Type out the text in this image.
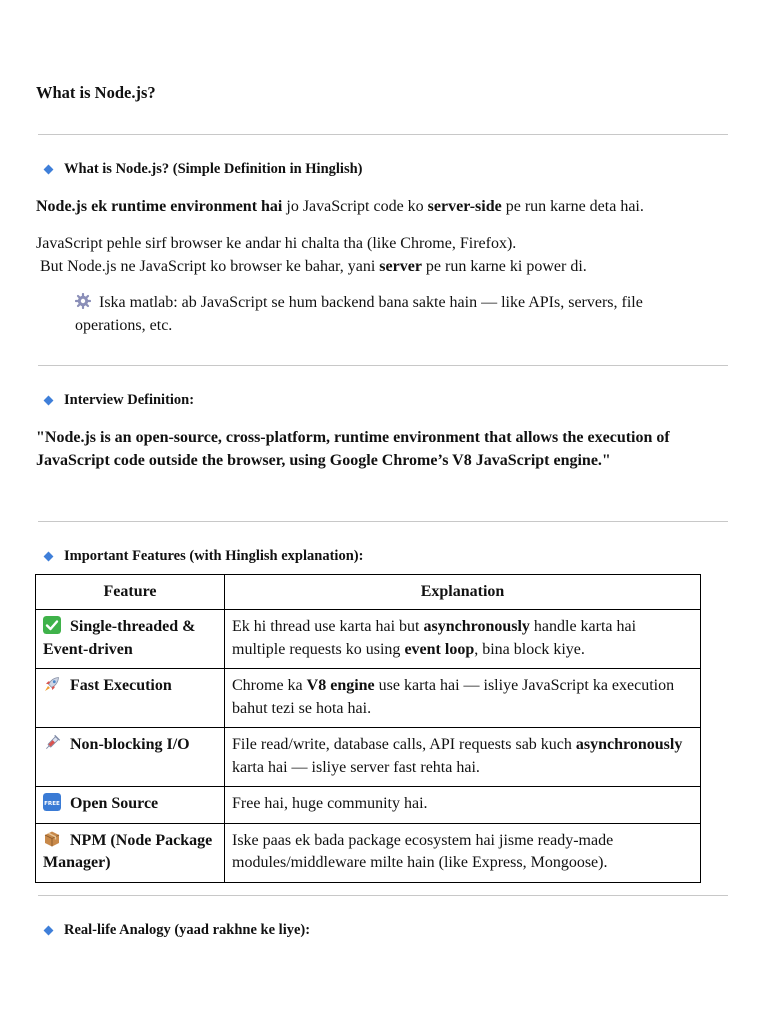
What is Node.js?
What is Node.js? (Simple Definition in Hinglish)
Node.js ek runtime environment hai jo JavaScript code ko server-side pe run karne deta hai.
JavaScript pehle sirf browser ke andar hi chalta tha (like Chrome, Firefox).
But Node.js ne JavaScript ko browser ke bahar, yani server pe run karne ki power di.
Iska matlab: ab JavaScript se hum backend bana sakte hain — like APIs, servers, file operations, etc.
Interview Definition:
"Node.js is an open-source, cross-platform, runtime environment that allows the execution of JavaScript code outside the browser, using Google Chrome’s V8 JavaScript engine."
Important Features (with Hinglish explanation):
Feature	Explanation
Single-threaded & Event-driven	Ek hi thread use karta hai but asynchronously handle karta hai multiple requests ko using event loop, bina block kiye.
Fast Execution	Chrome ka V8 engine use karta hai — isliye JavaScript ka execution bahut tezi se hota hai.
Non-blocking I/O	File read/write, database calls, API requests sab kuch asynchronously karta hai — isliye server fast rehta hai.

FREE Open Source	Free hai, huge community hai.
NPM (Node Package Manager)	Iske paas ek bada package ecosystem hai jisme ready-made modules/middleware milte hain (like Express, Mongoose).
Real-life Analogy (yaad rakhne ke liye):
